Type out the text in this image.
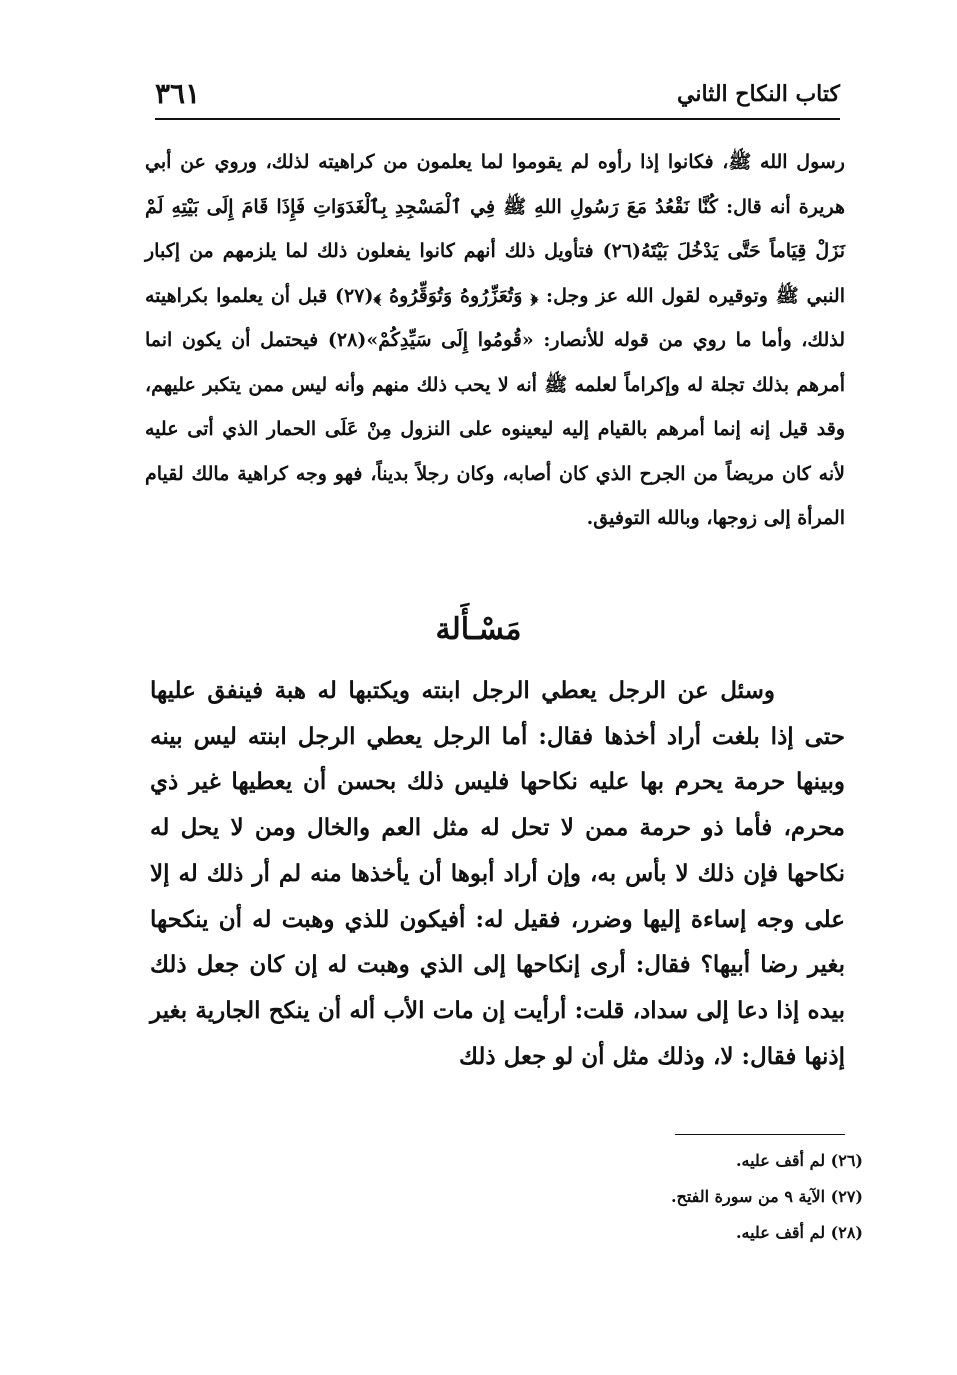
٣٦١	كتاب النكاح الثاني

رسول الله ﷺ، فكانوا إذا رأوه لم يقوموا لما يعلمون من كراهيته لذلك، وروي عن أبي هريرة أنه قال: كُنَّا نَقْعُدُ مَعَ رَسُولِ اللهِ ﷺ فِي ٱلْمَسْجِدِ بِٱلْغَدَوَاتِ فَإِذَا قَامَ إِلَى بَيْتِهِ لَمْ نَزَلْ قِيَاماً حَتَّى يَدْخُلَ بَيْتَهُ(٢٦) فتأويل ذلك أنهم كانوا يفعلون ذلك لما يلزمهم من إكبار النبي ﷺ وتوقيره لقول الله عز وجل: ﴿ وَتُعَزِّرُوهُ وَتُوَقِّرُوهُ ﴾(٢٧) قبل أن يعلموا بكراهيته لذلك، وأما ما روي من قوله للأنصار: «قُومُوا إِلَى سَيِّدِكُمْ»(٢٨) فيحتمل أن يكون انما أمرهم بذلك تجلة له وإكراماً لعلمه ﷺ أنه لا يحب ذلك منهم وأنه ليس ممن يتكبر عليهم، وقد قيل إنه إنما أمرهم بالقيام إليه ليعينوه على النزول مِنْ عَلَى الحمار الذي أتى عليه لأنه كان مريضاً من الجرح الذي كان أصابه، وكان رجلاً بديناً، فهو وجه كراهية مالك لقيام المرأة إلى زوجها، وبالله التوفيق.

مَسْـأَلة

وسئل عن الرجل يعطي الرجل ابنته ويكتبها له هبة فينفق عليها حتى إذا بلغت أراد أخذها فقال: أما الرجل يعطي الرجل ابنته ليس بينه وبينها حرمة يحرم بها عليه نكاحها فليس ذلك بحسن أن يعطيها غير ذي محرم، فأما ذو حرمة ممن لا تحل له مثل العم والخال ومن لا يحل له نكاحها فإن ذلك لا بأس به، وإن أراد أبوها أن يأخذها منه لم أر ذلك له إلا على وجه إساءة إليها وضرر، فقيل له: أفيكون للذي وهبت له أن ينكحها بغير رضا أبيها؟ فقال: أرى إنكاحها إلى الذي وهبت له إن كان جعل ذلك بيده إذا دعا إلى سداد، قلت: أرأيت إن مات الأب أله أن ينكح الجارية بغير إذنها فقال: لا، وذلك مثل أن لو جعل ذلك

(٢٦) لم أقف عليه.

(٢٧) الآية ٩ من سورة الفتح.

(٢٨) لم أقف عليه.
